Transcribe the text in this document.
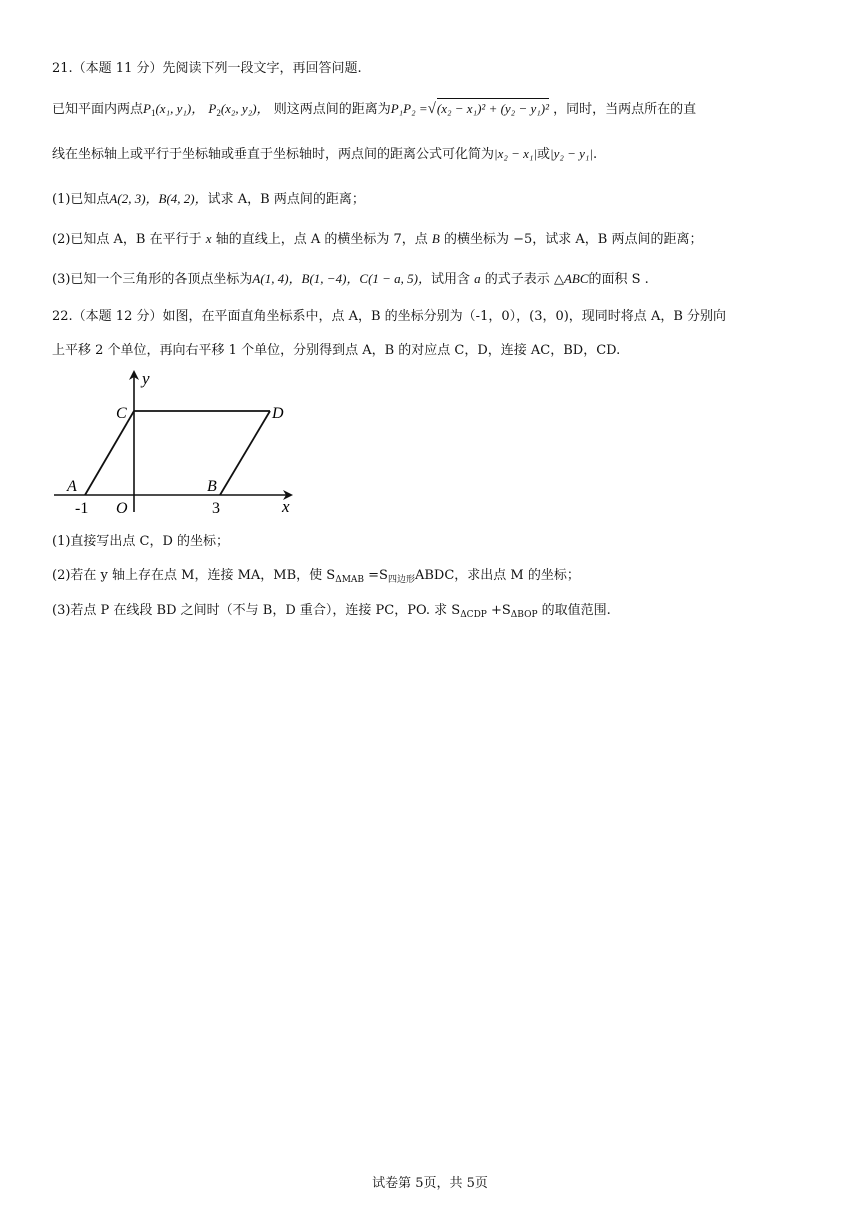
21.（本题 11 分）先阅读下列一段文字，再回答问题.
已知平面内两点$P_1(x_1$, y₁)， $P_2(x_2$, y₂)， 则这两点间的距离为P₁P₂ =√(x₂ − x₁)² + (y₂ − y₁)² ，同时，当两点所在的直
线在坐标轴上或平行于坐标轴或垂直于坐标轴时，两点间的距离公式可化简为|x₂ − x₁|或|y₂ − y₁|.
(1)已知点A(2, 3)，B(4, 2)，试求 A，B 两点间的距离；
(2)已知点 A，B 在平行于 x 轴的直线上，点 A 的横坐标为 7，点 B 的横坐标为 −5，试求 A，B 两点间的距离；
(3)已知一个三角形的各顶点坐标为A(1, 4)，B(1, −4)，C(1 − a, 5)，试用含 a 的式子表示 △ABC的面积 S .
22.（本题 12 分）如图，在平面直角坐标系中，点 A，B 的坐标分别为（-1，0），(3，0)，现同时将点 A，B 分别向
上平移 2 个单位，再向右平移 1 个单位，分别得到点 A，B 的对应点 C，D，连接 AC，BD，CD.
y
x
C	D
A	B
O
-1	3
(1)直接写出点 C，D 的坐标；
(2)若在 y 轴上存在点 M，连接 MA，MB，使 $S_{\Delta MAB}$ $=S_{四边形}ABDC$，求出点 M 的坐标；
(3)若点 P 在线段 BD 之间时（不与 B，D 重合），连接 PC，PO. 求 $S_{\Delta CDP} +S_{\Delta BOP}$ 的取值范围.
试卷第 5页，共 5页
